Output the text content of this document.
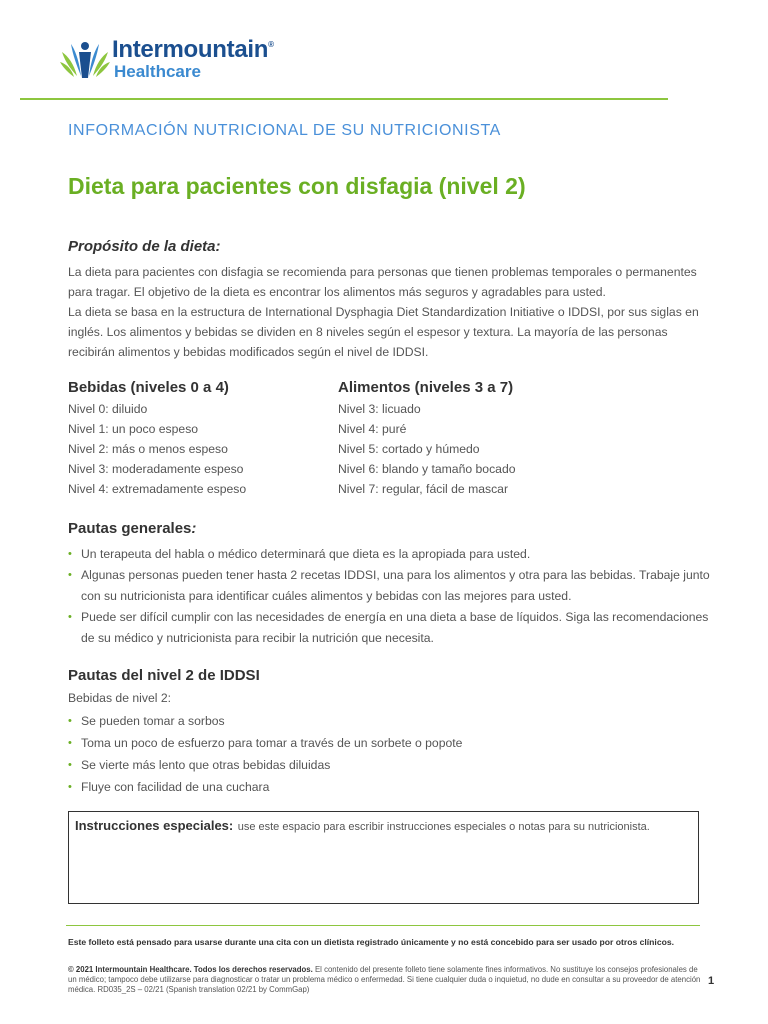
Intermountain®
Healthcare
INFORMACIÓN NUTRICIONAL DE SU NUTRICIONISTA
Dieta para pacientes con disfagia (nivel 2)
Propósito de la dieta:
La dieta para pacientes con disfagia se recomienda para personas que tienen problemas temporales o permanentes para tragar. El objetivo de la dieta es encontrar los alimentos más seguros y agradables para usted.
La dieta se basa en la estructura de International Dysphagia Diet Standardization Initiative o IDDSI, por sus siglas en inglés. Los alimentos y bebidas se dividen en 8 niveles según el espesor y textura. La mayoría de las personas recibirán alimentos y bebidas modificados según el nivel de IDDSI.
Bebidas (niveles 0 a 4)
Nivel 0: diluido
Nivel 1: un poco espeso
Nivel 2: más o menos espeso
Nivel 3: moderadamente espeso
Nivel 4: extremadamente espeso
Alimentos (niveles 3 a 7)
Nivel 3: licuado
Nivel 4: puré
Nivel 5: cortado y húmedo
Nivel 6: blando y tamaño bocado
Nivel 7: regular, fácil de mascar
Pautas generales:
• Un terapeuta del habla o médico determinará que dieta es la apropiada para usted.
• Algunas personas pueden tener hasta 2 recetas IDDSI, una para los alimentos y otra para las bebidas. Trabaje junto con su nutricionista para identificar cuáles alimentos y bebidas con las mejores para usted.
• Puede ser difícil cumplir con las necesidades de energía en una dieta a base de líquidos. Siga las recomendaciones de su médico y nutricionista para recibir la nutrición que necesita.
Pautas del nivel 2 de IDDSI
Bebidas de nivel 2:
• Se pueden tomar a sorbos
• Toma un poco de esfuerzo para tomar a través de un sorbete o popote
• Se vierte más lento que otras bebidas diluidas
• Fluye con facilidad de una cuchara
Instrucciones especiales: use este espacio para escribir instrucciones especiales o notas para su nutricionista.
Este folleto está pensado para usarse durante una cita con un dietista registrado únicamente y no está concebido para ser usado por otros clínicos.
© 2021 Intermountain Healthcare. Todos los derechos reservados. El contenido del presente folleto tiene solamente fines informativos. No sustituye los consejos profesionales de un médico; tampoco debe utilizarse para diagnosticar o tratar un problema médico o enfermedad. Si tiene cualquier duda o inquietud, no dude en consultar a su proveedor de atención médica. RD035_2S – 02/21 (Spanish translation 02/21 by CommGap)
1
